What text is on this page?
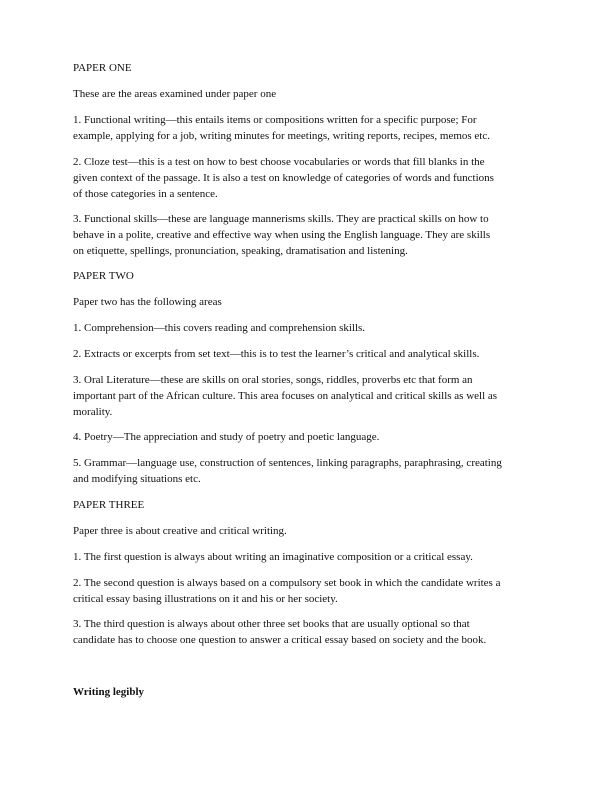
PAPER ONE
These are the areas examined under paper one
1. Functional writing—this entails items or compositions written for a specific purpose; For
example, applying for a job, writing minutes for meetings, writing reports, recipes, memos etc.
2. Cloze test—this is a test on how to best choose vocabularies or words that fill blanks in the
given context of the passage. It is also a test on knowledge of categories of words and functions
of those categories in a sentence.
3. Functional skills—these are language mannerisms skills. They are practical skills on how to
behave in a polite, creative and effective way when using the English language. They are skills
on etiquette, spellings, pronunciation, speaking, dramatisation and listening.
PAPER TWO
Paper two has the following areas
1. Comprehension—this covers reading and comprehension skills.
2. Extracts or excerpts from set text—this is to test the learner’s critical and analytical skills.
3. Oral Literature—these are skills on oral stories, songs, riddles, proverbs etc that form an
important part of the African culture. This area focuses on analytical and critical skills as well as
morality.
4. Poetry—The appreciation and study of poetry and poetic language.
5. Grammar—language use, construction of sentences, linking paragraphs, paraphrasing, creating
and modifying situations etc.
PAPER THREE
Paper three is about creative and critical writing.
1. The first question is always about writing an imaginative composition or a critical essay.
2. The second question is always based on a compulsory set book in which the candidate writes a
critical essay basing illustrations on it and his or her society.
3. The third question is always about other three set books that are usually optional so that
candidate has to choose one question to answer a critical essay based on society and the book.
Writing legibly
